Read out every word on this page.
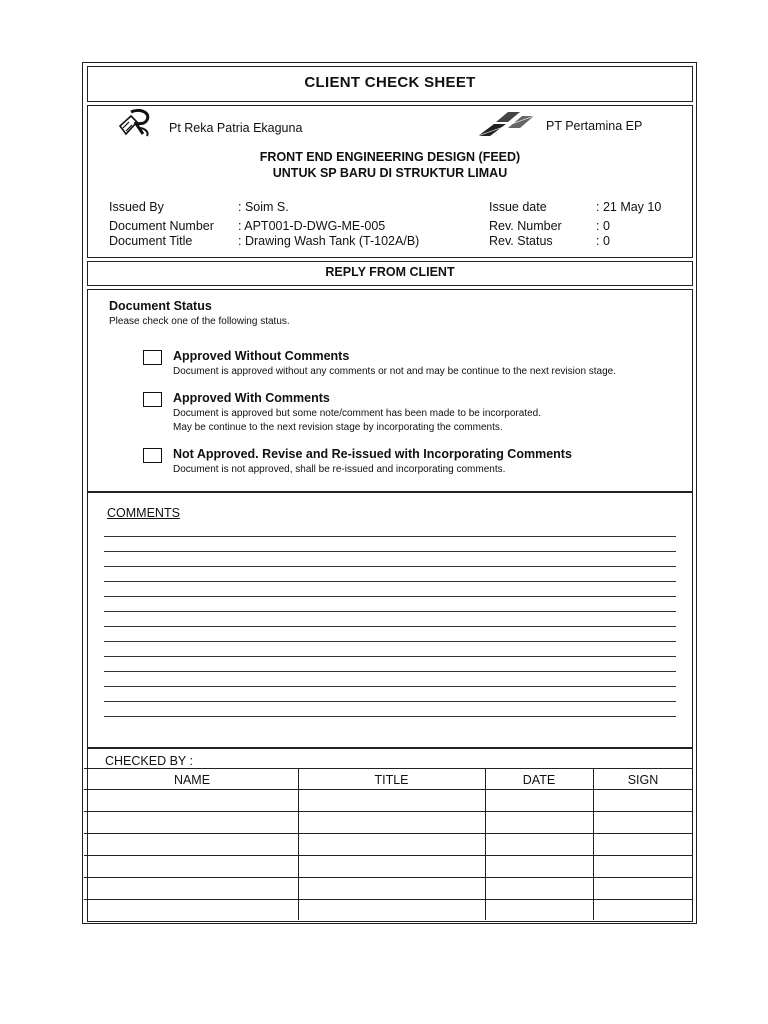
CLIENT CHECK SHEET
Pt Reka Patria Ekaguna	PT Pertamina EP
FRONT END ENGINEERING DESIGN (FEED)
UNTUK SP BARU DI STRUKTUR LIMAU
Issued By	: Soim S.
Document Number : APT001-D-DWG-ME-005
Document Title	: Drawing Wash Tank (T-102A/B)
Issue date	: 21 May 10
Rev. Number	: 0
Rev. Status	: 0
REPLY FROM CLIENT
Document Status
Please check one of the following status.
Approved Without Comments
Document is approved without any comments or not and may be continue to the next revision stage.
Approved With Comments
Document is approved but some note/comment has been made to be incorporated.
May be continue to the next revision stage by incorporating the comments.
Not Approved. Revise and Re-issued with Incorporating Comments
Document is not approved, shall be re-issued and incorporating comments.
COMMENTS
CHECKED BY :
NAME	TITLE	DATE	SIGN
